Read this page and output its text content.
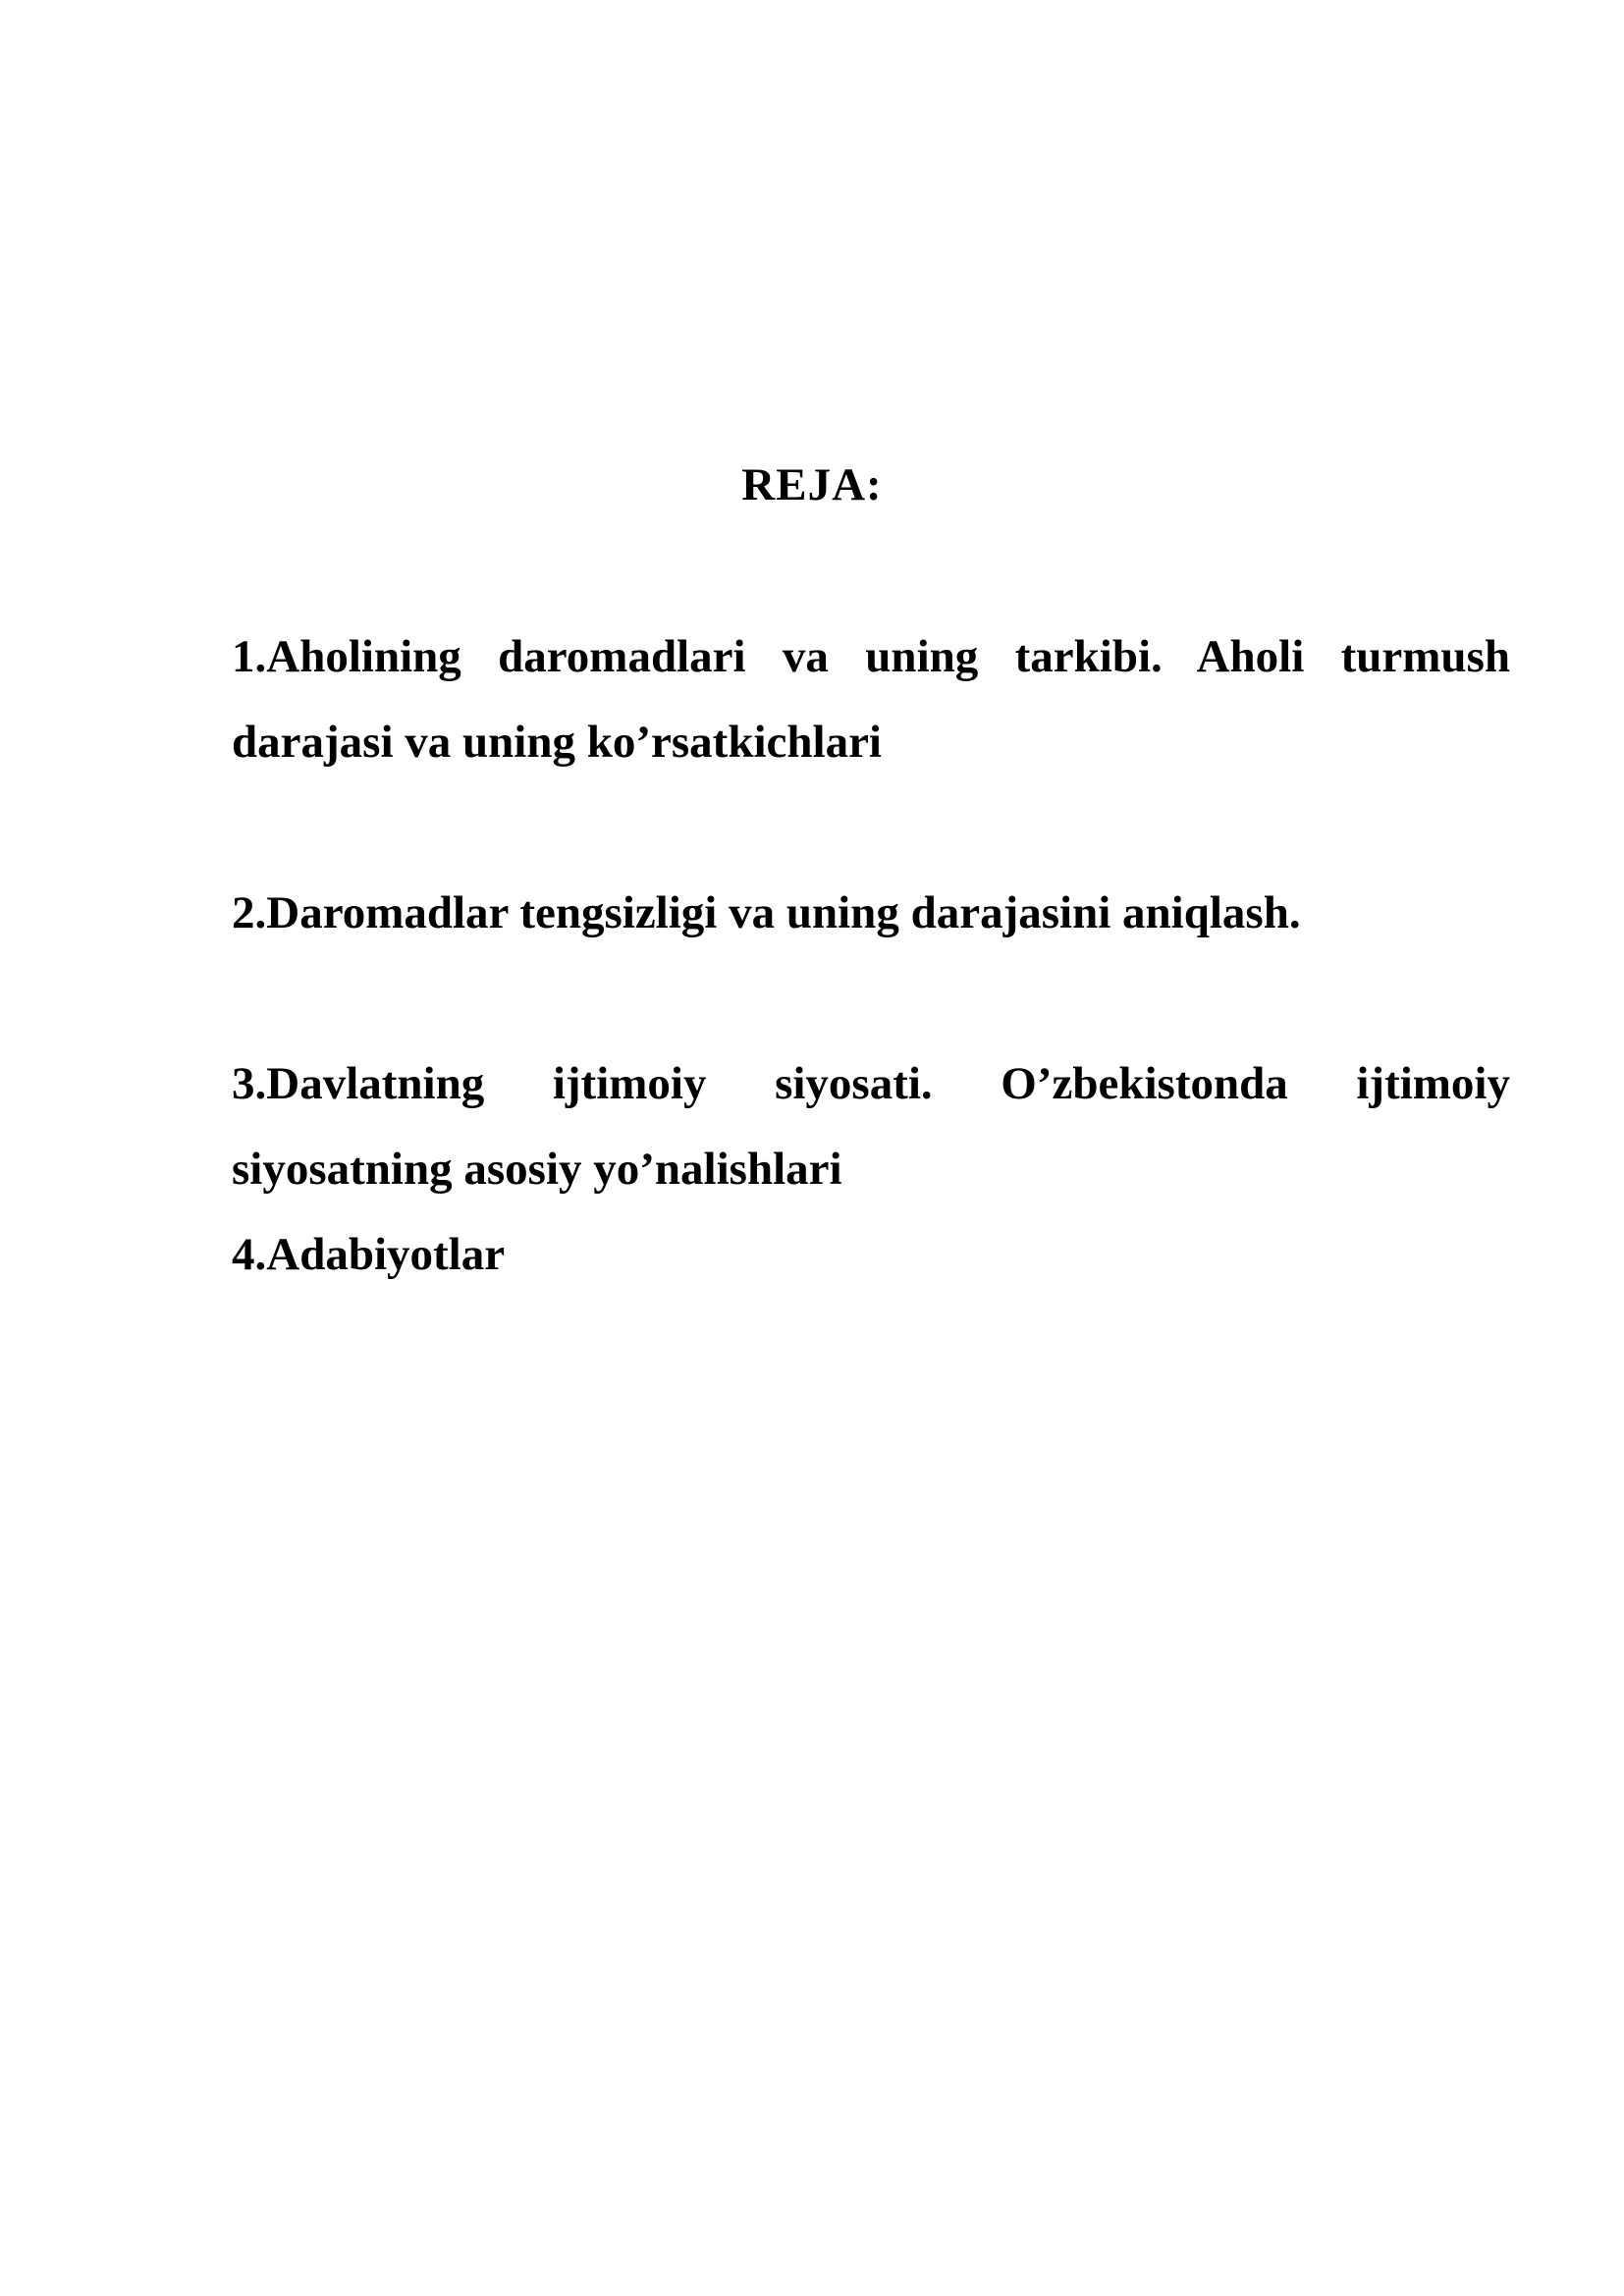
REJA:
1.Aholining daromadlari va uning tarkibi. Aholi turmush darajasi va uning ko’rsatkichlari
2.Daromadlar tengsizligi va uning darajasini aniqlash.
3.Davlatning ijtimoiy siyosati. O’zbekistonda ijtimoiy siyosatning asosiy yo’nalishlari
4.Adabiyotlar
